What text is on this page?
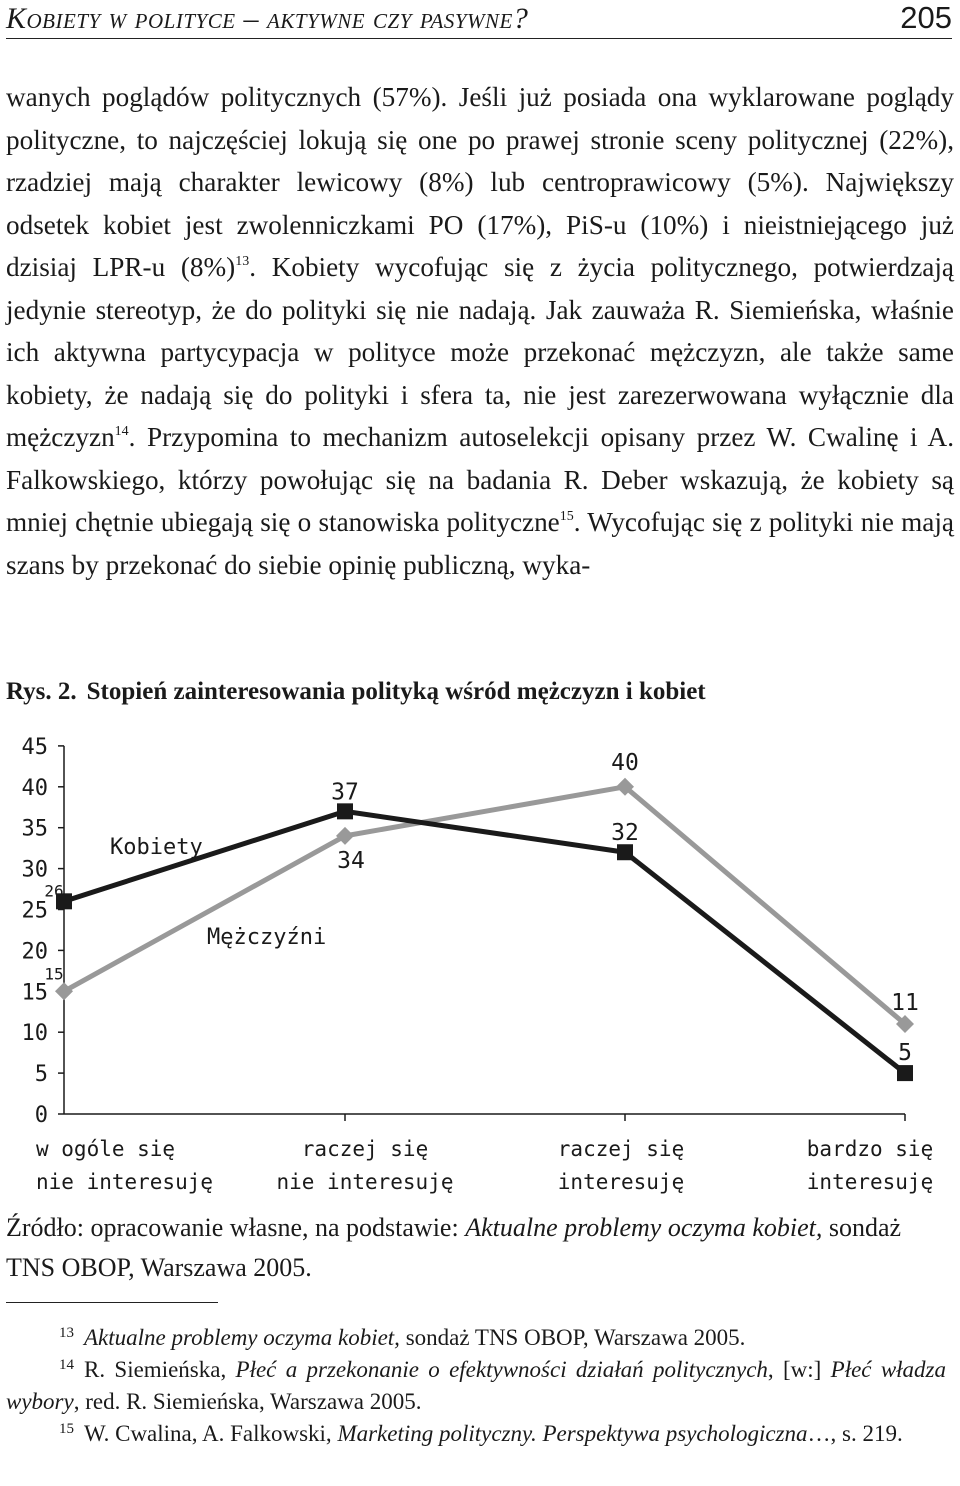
Kobiety w polityce – aktywne czy pasywne?	205

wanych poglądów politycznych (57%). Jeśli już posiada ona wyklarowane poglądy polityczne, to najczęściej lokują się one po prawej stronie sceny politycznej (22%), rzadziej mają charakter lewicowy (8%) lub centroprawicowy (5%). Największy odsetek kobiet jest zwolenniczkami PO (17%), PiS-u (10%) i nieistniejącego już dzisiaj LPR-u $(8\%)^{13}$. Kobiety wycofując się z życia politycznego, potwierdzają jedynie stereotyp, że do polityki się nie nadają. Jak zauważa R. Siemieńska, właśnie ich aktywna partycypacja w polityce może przekonać mężczyzn, ale także same kobiety, że nadają się do polityki i sfera ta, nie jest zarezerwowana wyłącznie dla mężczyzn$^{14}$. Przypomina to mechanizm autoselekcji opisany przez W. Cwalinę i A. Falkowskiego, którzy powołując się na badania R. Deber wskazują, że kobiety są mniej chętnie ubiegają się o stanowiska polityczne$^{15}$. Wycofując się z polityki nie mają szans by przekonać do siebie opinię publiczną, wyka-

Rys. 2. Stopień zainteresowania polityką wśród mężczyzn i kobiet
0
5
10
15
20
25
30
35
40
45
w ogóle się
nie interesuję
raczej się
nie interesuję
raczej się
interesuję
bardzo się
interesuję
26
37
32
5
15
34
40
11
Kobiety
Mężczyźni

Źródło: opracowanie własne, na podstawie: Aktualne problemy oczyma kobiet, sondaż TNS OBOP, Warszawa 2005.

13 Aktualne problemy oczyma kobiet, sondaż TNS OBOP, Warszawa 2005.

14 R. Siemieńska, Płeć a przekonanie o efektywności działań politycznych, [w:] Płeć władza wybory, red. R. Siemieńska, Warszawa 2005.

15 W. Cwalina, A. Falkowski, Marketing polityczny. Perspektywa psychologiczna…, s. 219.
